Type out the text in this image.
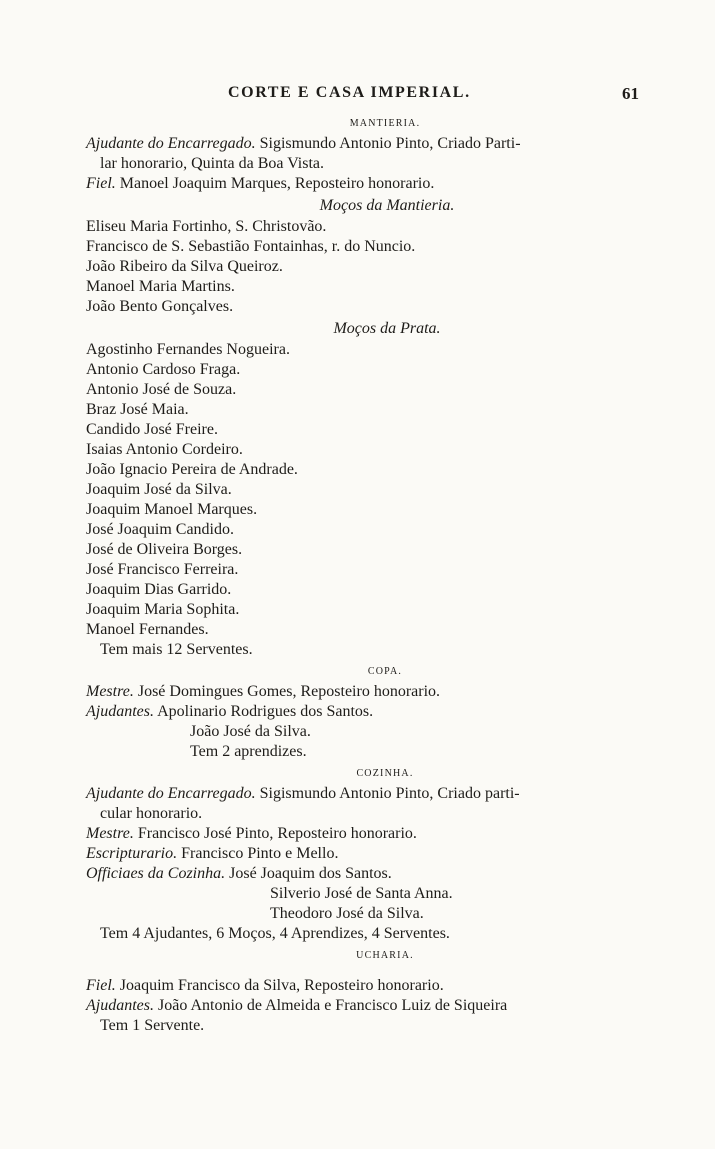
CORTE E CASA IMPERIAL.	61
MANTIERIA.
Ajudante do Encarregado. Sigismundo Antonio Pinto, Criado Parti-
lar honorario, Quinta da Boa Vista.
Fiel. Manoel Joaquim Marques, Reposteiro honorario.
Moços da Mantieria.
Eliseu Maria Fortinho, S. Christovão.
Francisco de S. Sebastião Fontainhas, r. do Nuncio.
João Ribeiro da Silva Queiroz.
Manoel Maria Martins.
João Bento Gonçalves.
Moços da Prata.
Agostinho Fernandes Nogueira.
Antonio Cardoso Fraga.
Antonio José de Souza.
Braz José Maia.
Candido José Freire.
Isaias Antonio Cordeiro.
João Ignacio Pereira de Andrade.
Joaquim José da Silva.
Joaquim Manoel Marques.
José Joaquim Candido.
José de Oliveira Borges.
José Francisco Ferreira.
Joaquim Dias Garrido.
Joaquim Maria Sophita.
Manoel Fernandes.
Tem mais 12 Serventes.
COPA.
Mestre. José Domingues Gomes, Reposteiro honorario.
Ajudantes. Apolinario Rodrigues dos Santos.
João José da Silva.
Tem 2 aprendizes.
COZINHA.
Ajudante do Encarregado. Sigismundo Antonio Pinto, Criado parti-
cular honorario.
Mestre. Francisco José Pinto, Reposteiro honorario.
Escripturario. Francisco Pinto e Mello.
Officiaes da Cozinha. José Joaquim dos Santos.
Silverio José de Santa Anna.
Theodoro José da Silva.
Tem 4 Ajudantes, 6 Moços, 4 Aprendizes, 4 Serventes.
UCHARIA.
Fiel. Joaquim Francisco da Silva, Reposteiro honorario.
Ajudantes. João Antonio de Almeida e Francisco Luiz de Siqueira
Tem 1 Servente.
